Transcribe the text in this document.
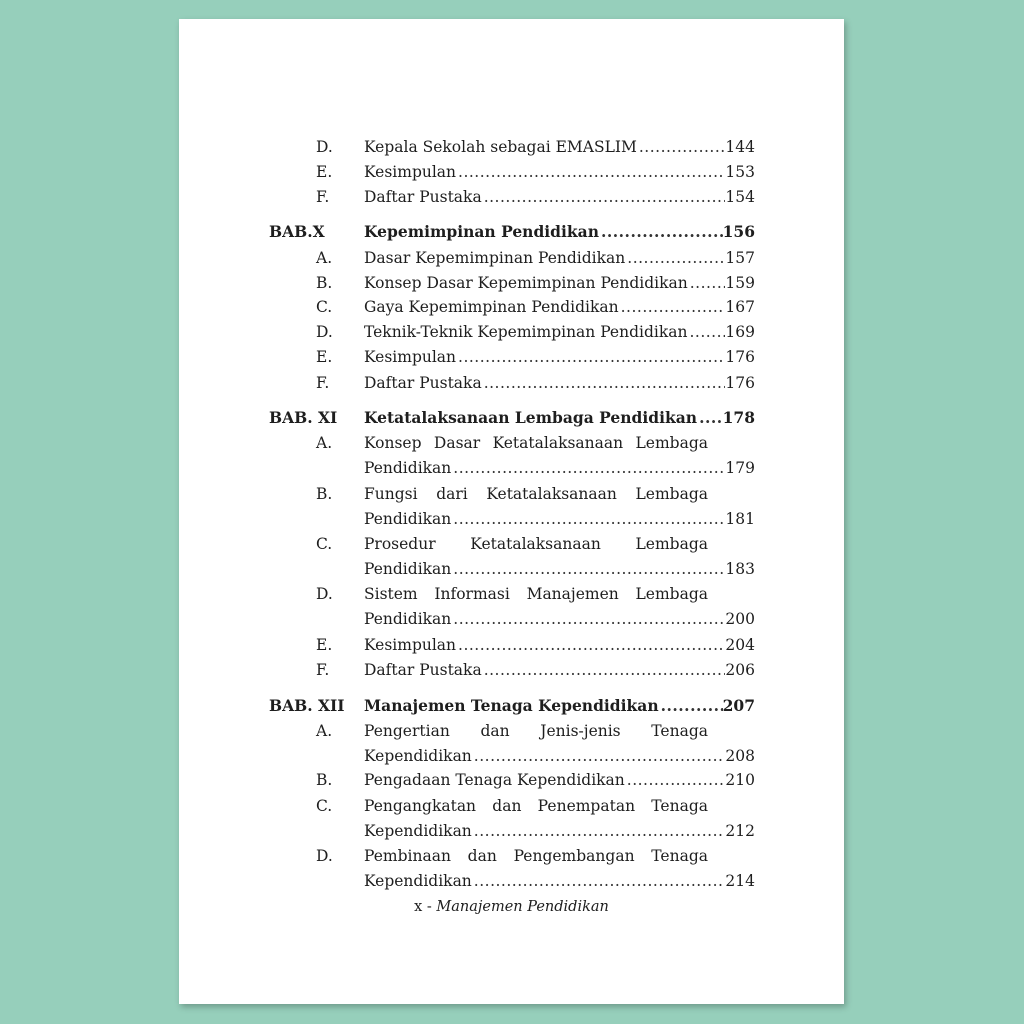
D. Kepala Sekolah sebagai EMASLIM .....	144
E. Kesimpulan .....	153
F. Daftar Pustaka .....	154
BAB.X	Kepemimpinan Pendidikan .....	156
A. Dasar Kepemimpinan Pendidikan .....	157
B. Konsep Dasar Kepemimpinan Pendidikan ..... 159
C. Gaya Kepemimpinan Pendidikan .....	167
D. Teknik-Teknik Kepemimpinan Pendidikan ..... 169
E. Kesimpulan .....	176
F. Daftar Pustaka .....	176
BAB. XI Ketatalaksanaan Lembaga Pendidikan ..... 178
A. Konsep Dasar Ketatalaksanaan Lembaga
Pendidikan .....	179
B. Fungsi dari Ketatalaksanaan Lembaga
Pendidikan .....	181
C. Prosedur Ketatalaksanaan Lembaga
Pendidikan .....	183
D. Sistem Informasi Manajemen Lembaga
Pendidikan .....	200
E. Kesimpulan .....	204
F. Daftar Pustaka .....	206
BAB. XII Manajemen Tenaga Kependidikan .....	207
A. Pengertian dan Jenis-jenis Tenaga
Kependidikan .....	208
B. Pengadaan Tenaga Kependidikan .....	210
C. Pengangkatan dan Penempatan Tenaga
Kependidikan .....	212
D. Pembinaan dan Pengembangan Tenaga
Kependidikan .....	214
x - Manajemen Pendidikan
